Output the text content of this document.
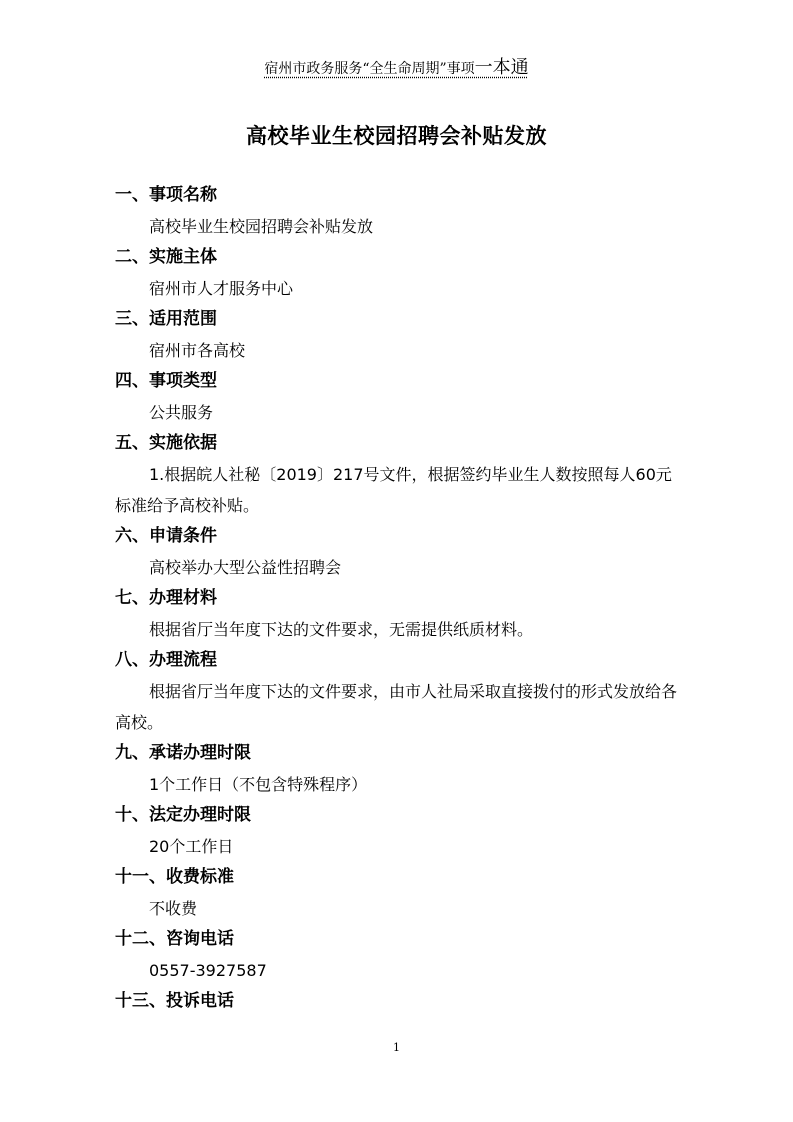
宿州市政务服务“全生命周期”事项一本通
高校毕业生校园招聘会补贴发放
一、事项名称
高校毕业生校园招聘会补贴发放
二、实施主体
宿州市人才服务中心
三、适用范围
宿州市各高校
四、事项类型
公共服务
五、实施依据
1.根据皖人社秘〔2019〕217号文件，根据签约毕业生人数按照每人60元标准给予高校补贴。
六、申请条件
高校举办大型公益性招聘会
七、办理材料
根据省厅当年度下达的文件要求，无需提供纸质材料。
八、办理流程
根据省厅当年度下达的文件要求，由市人社局采取直接拨付的形式发放给各高校。
九、承诺办理时限
1个工作日（不包含特殊程序）
十、法定办理时限
20个工作日
十一、收费标准
不收费
十二、咨询电话
0557-3927587
十三、投诉电话
1
